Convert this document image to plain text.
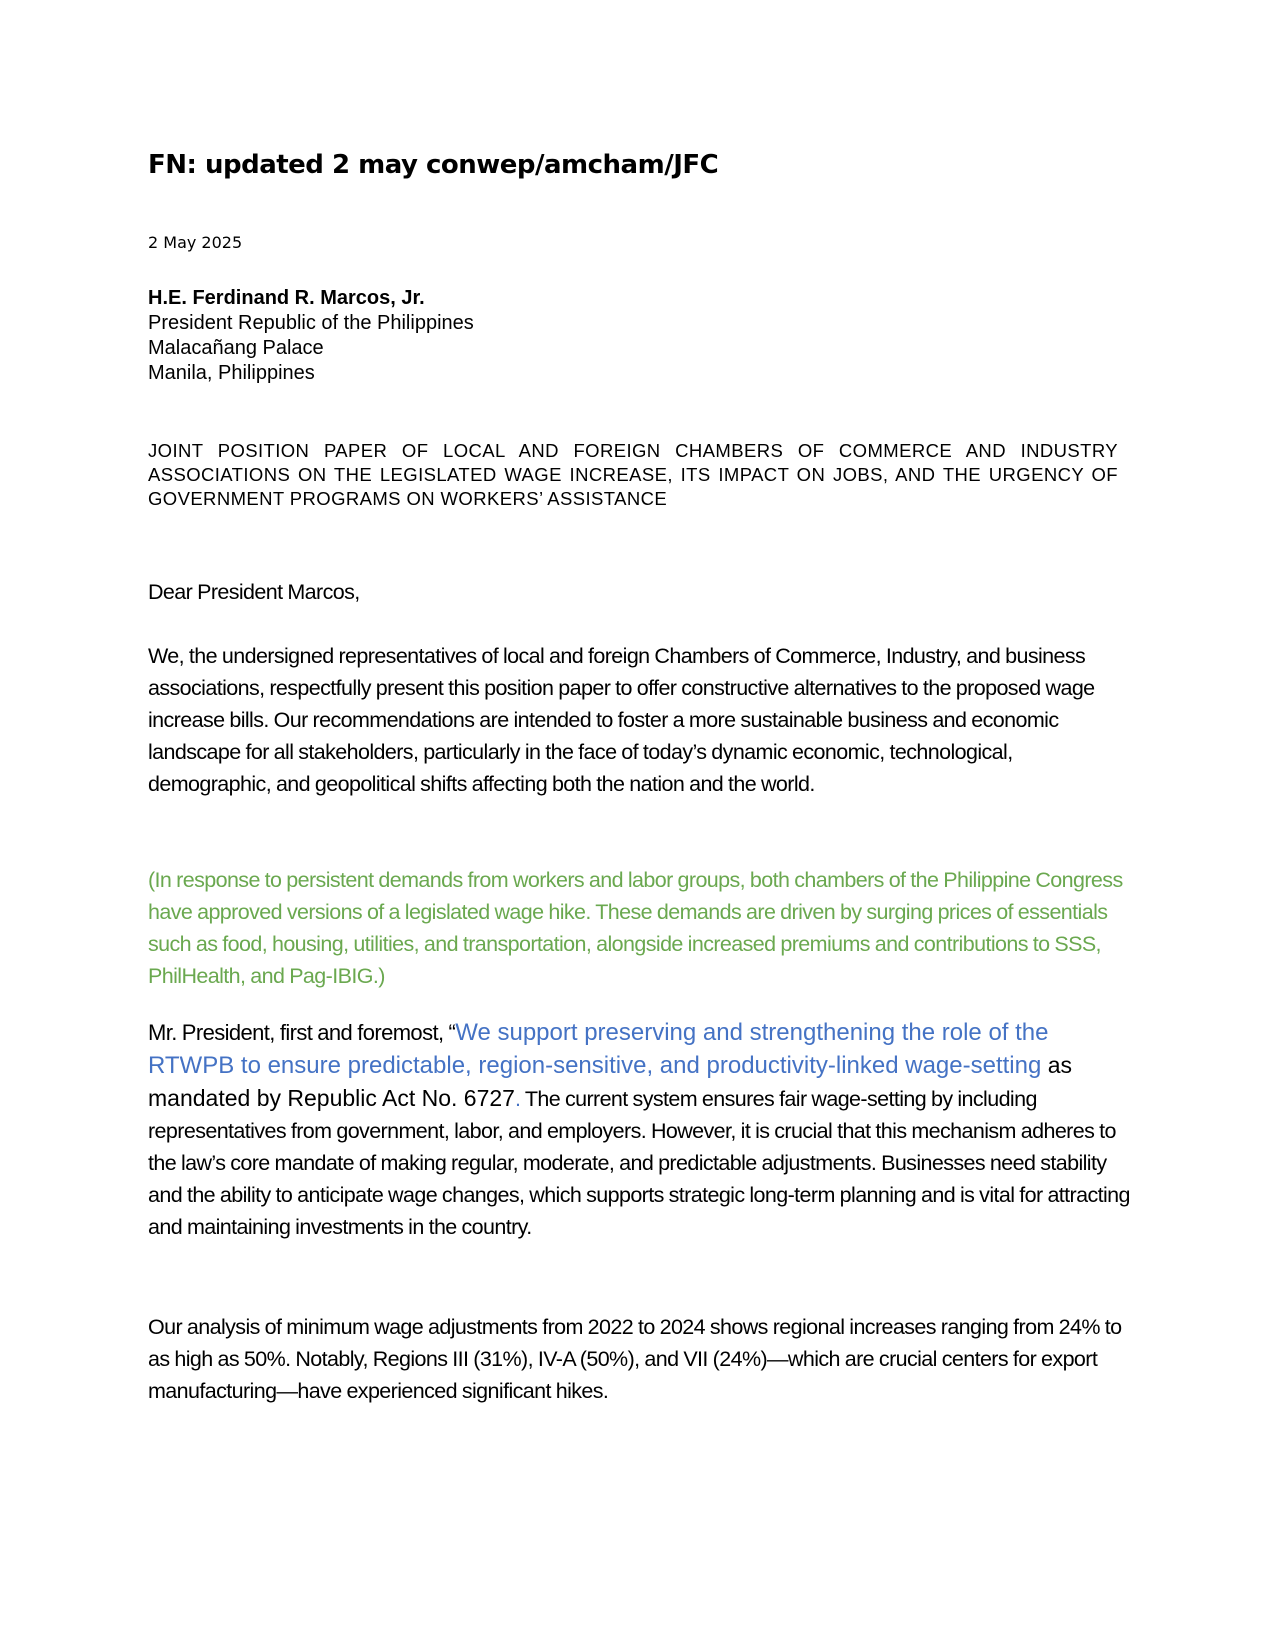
FN: updated 2 may conwep/amcham/JFC
2 May 2025
H.E. Ferdinand R. Marcos, Jr.
President Republic of the Philippines
Malacañang Palace
Manila, Philippines
JOINT POSITION PAPER OF LOCAL AND FOREIGN CHAMBERS OF COMMERCE AND INDUSTRY ASSOCIATIONS ON THE LEGISLATED WAGE INCREASE, ITS IMPACT ON JOBS, AND THE URGENCY OF GOVERNMENT PROGRAMS ON WORKERS’ ASSISTANCE
Dear President Marcos,
We, the undersigned representatives of local and foreign Chambers of Commerce, Industry, and business associations, respectfully present this position paper to offer constructive alternatives to the proposed wage increase bills. Our recommendations are intended to foster a more sustainable business and economic landscape for all stakeholders, particularly in the face of today’s dynamic economic, technological, demographic, and geopolitical shifts affecting both the nation and the world.
(In response to persistent demands from workers and labor groups, both chambers of the Philippine Congress have approved versions of a legislated wage hike. These demands are driven by surging prices of essentials such as food, housing, utilities, and transportation, alongside increased premiums and contributions to SSS, PhilHealth, and Pag-IBIG.)
Mr. President, first and foremost, “We support preserving and strengthening the role of the RTWPB to ensure predictable, region-sensitive, and productivity-linked wage-setting as mandated by Republic Act No. 6727. The current system ensures fair wage-setting by including representatives from government, labor, and employers. However, it is crucial that this mechanism adheres to the law’s core mandate of making regular, moderate, and predictable adjustments. Businesses need stability and the ability to anticipate wage changes, which supports strategic long-term planning and is vital for attracting and maintaining investments in the country.
Our analysis of minimum wage adjustments from 2022 to 2024 shows regional increases ranging from 24% to as high as 50%. Notably, Regions III (31%), IV-A (50%), and VII (24%)—which are crucial centers for export manufacturing—have experienced significant hikes.
